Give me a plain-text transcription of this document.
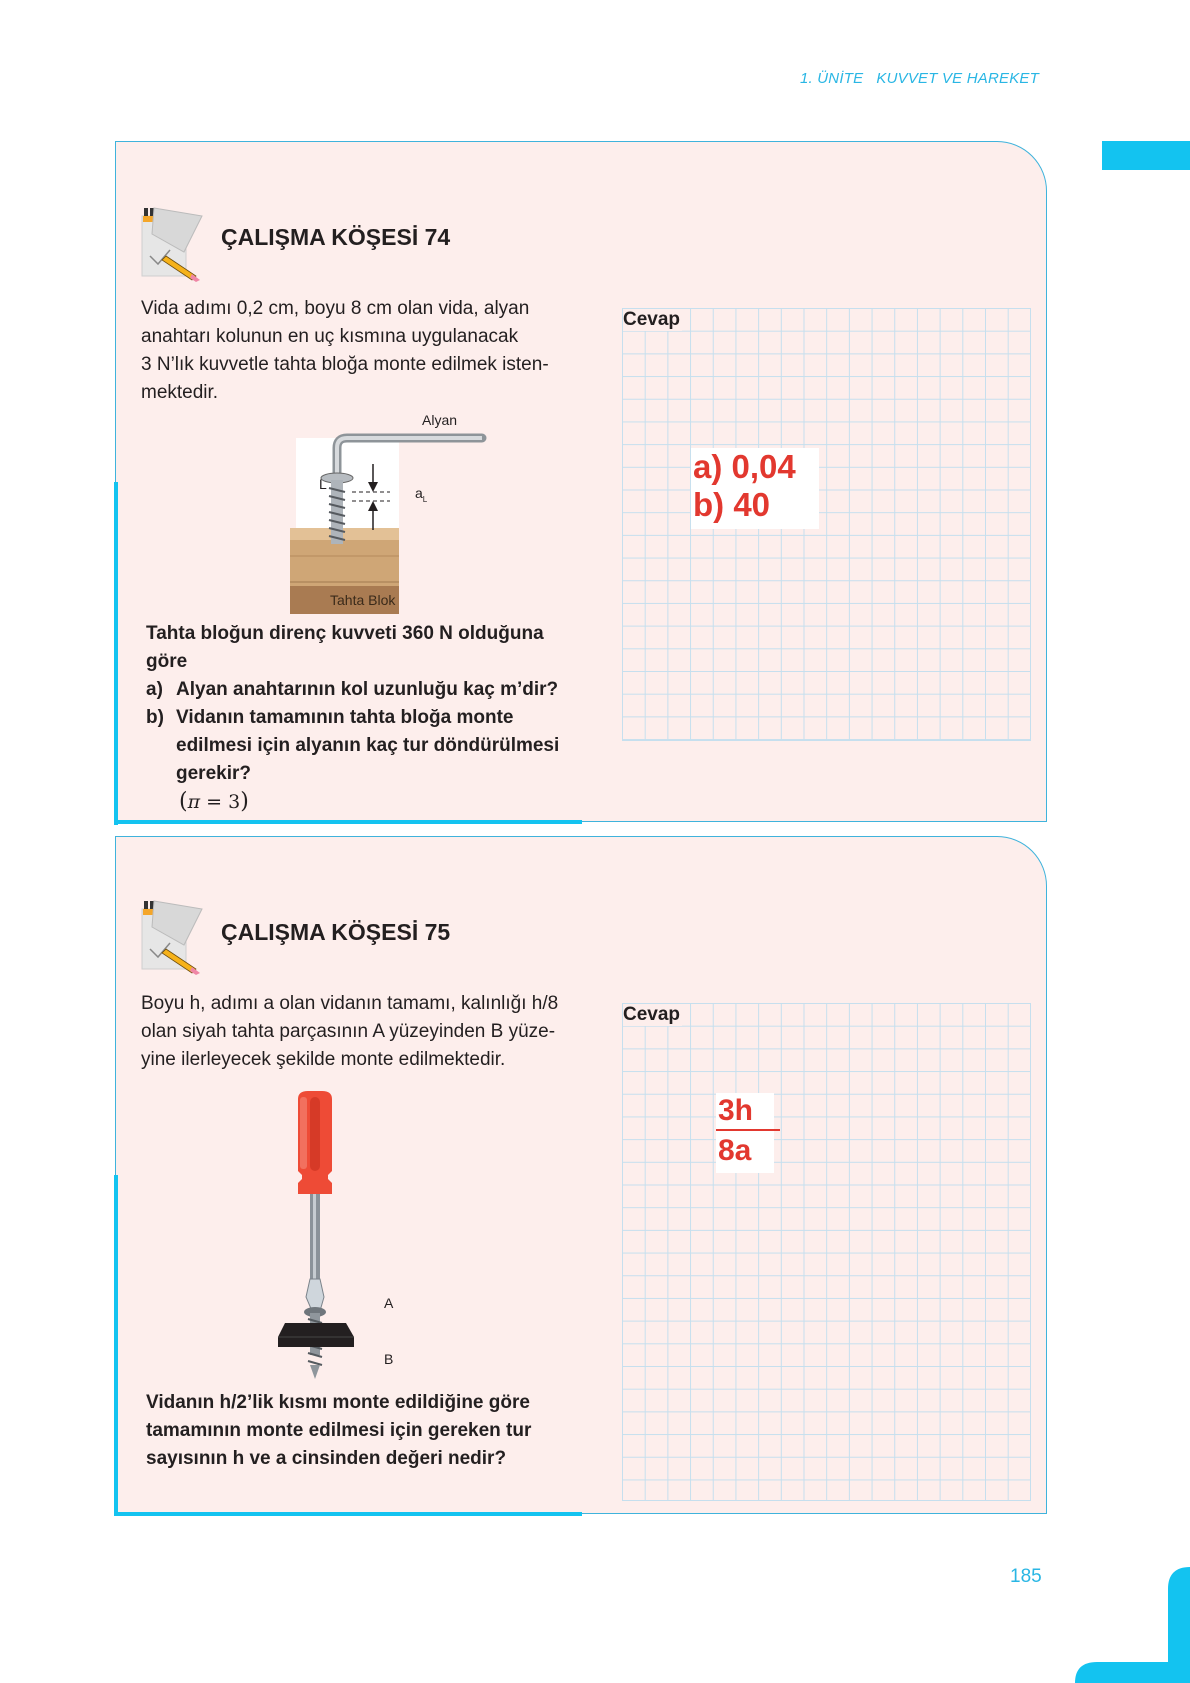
1. ÜNİTE KUVVET VE HAREKET
ÇALIŞMA KÖŞESİ 74
Vida adımı 0,2 cm, boyu 8 cm olan vida, alyan
anahtarı kolunun en uç kısmına uygulanacak
3 N’lık kuvvetle tahta bloğa monte edilmek isten-
mektedir.
Alyan
L
$a_L$
Tahta Blok
Tahta bloğun direnç kuvveti 360 N olduğuna
göre
a) Alyan anahtarının kol uzunluğu kaç m’dir?
b) Vidanın tamamının tahta bloğa monte
edilmesi için alyanın kaç tur döndürülmesi
gerekir?
(π = 3)
Cevap
a) 0,04
b) 40
ÇALIŞMA KÖŞESİ 75
Boyu h, adımı a olan vidanın tamamı, kalınlığı h/8
olan siyah tahta parçasının A yüzeyinden B yüze-
yine ilerleyecek şekilde monte edilmektedir.
A
B
Vidanın h/2’lik kısmı monte edildiğine göre
tamamının monte edilmesi için gereken tur
sayısının h ve a cinsinden değeri nedir?
Cevap
$\frac{3h}{8a}$
185
